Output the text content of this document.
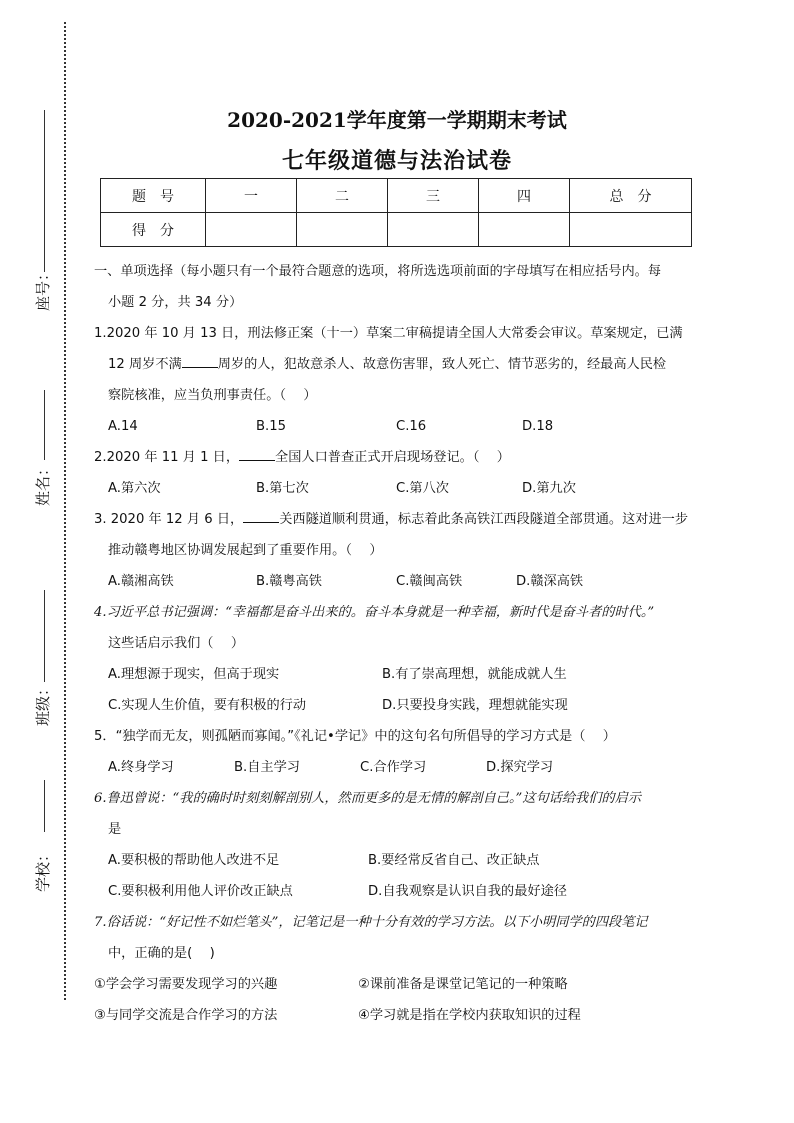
座号：
姓名：
班级：
学校：
2020-2021学年度第一学期期末考试
七年级道德与法治试卷
题　号	一	二	三	四	总　分
得　分					
一、单项选择（每小题只有一个最符合题意的选项，将所选选项前面的字母填写在相应括号内。每
小题 2 分，共 34 分）
1.2020 年 10 月 13 日，刑法修正案（十一）草案二审稿提请全国人大常委会审议。草案规定，已满
12 周岁不满	周岁的人，犯故意杀人、故意伤害罪，致人死亡、情节恶劣的，经最高人民检
察院核准，应当负刑事责任。（　 ）
A.14	B.15	C.16	D.18
2.2020 年 11 月 1 日，	全国人口普查正式开启现场登记。（　 ）
A.第六次	B.第七次	C.第八次	D.第九次
3. 2020 年 12 月 6 日，	关西隧道顺利贯通，标志着此条高铁江西段隧道全部贯通。这对进一步
推动赣粤地区协调发展起到了重要作用。（　 ）
A.赣湘高铁	B.赣粤高铁	C.赣闽高铁	D.赣深高铁
4.习近平总书记强调：“幸福都是奋斗出来的。奋斗本身就是一种幸福，新时代是奋斗者的时代。”
这些话启示我们（　 ）
A.理想源于现实，但高于现实	B.有了崇高理想，就能成就人生
C.实现人生价值，要有积极的行动	D.只要投身实践，理想就能实现
5．“独学而无友，则孤陋而寡闻。”《礼记•学记》中的这句名句所倡导的学习方式是（　 ）
A.终身学习	B.自主学习	C.合作学习	D.探究学习
6.鲁迅曾说：“我的确时时刻刻解剖别人，然而更多的是无情的解剖自己。”这句话给我们的启示
是
A.要积极的帮助他人改进不足	B.要经常反省自己、改正缺点
C.要积极利用他人评价改正缺点	D.自我观察是认识自我的最好途径
7.俗话说：“好记性不如烂笔头”，记笔记是一种十分有效的学习方法。以下小明同学的四段笔记
中，正确的是(　 )
①学会学习需要发现学习的兴趣	②课前准备是课堂记笔记的一种策略
③与同学交流是合作学习的方法	④学习就是指在学校内获取知识的过程
